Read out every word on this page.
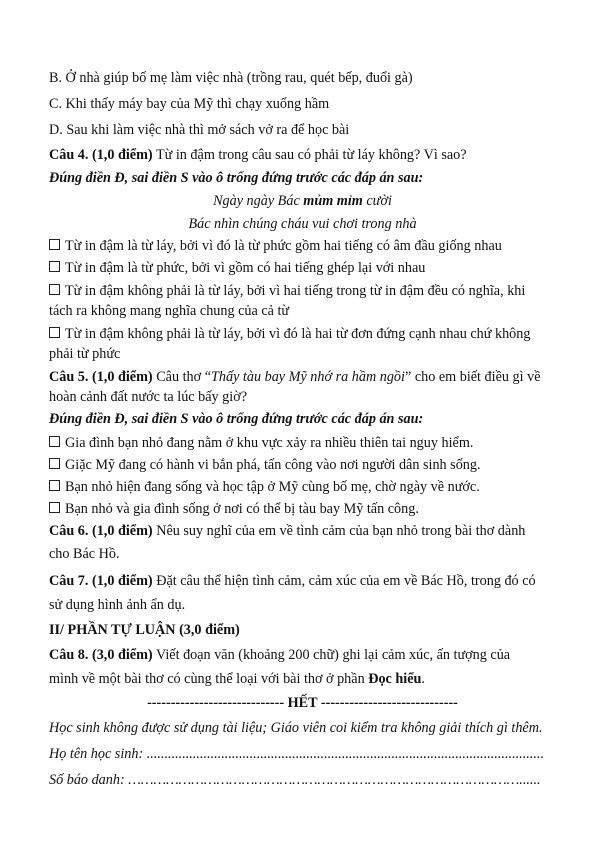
B. Ở nhà giúp bố mẹ làm việc nhà (trồng rau, quét bếp, đuổi gà)
C. Khi thấy máy bay của Mỹ thì chạy xuống hầm
D. Sau khi làm việc nhà thì mở sách vở ra để học bài
Câu 4. (1,0 điểm) Từ in đậm trong câu sau có phải từ láy không? Vì sao?
Đúng điền Đ, sai điền S vào ô trống đứng trước các đáp án sau:
Ngày ngày Bác mủm mỉm cười
Bác nhìn chúng cháu vui chơi trong nhà
Từ in đậm là từ láy, bởi vì đó là từ phức gồm hai tiếng có âm đầu giống nhau
Từ in đậm là từ phức, bởi vì gồm có hai tiếng ghép lại với nhau
Từ in đậm không phải là từ láy, bởi vì hai tiếng trong từ in đậm đều có nghĩa, khi
tách ra không mang nghĩa chung của cả từ
Từ in đậm không phải là từ láy, bởi vì đó là hai từ đơn đứng cạnh nhau chứ không
phải từ phức
Câu 5. (1,0 điểm) Câu thơ “Thấy tàu bay Mỹ nhớ ra hầm ngồi” cho em biết điều gì về
hoàn cảnh đất nước ta lúc bấy giờ?
Đúng điền Đ, sai điền S vào ô trống đứng trước các đáp án sau:
Gia đình bạn nhỏ đang nằm ở khu vực xảy ra nhiều thiên tai nguy hiểm.
Giặc Mỹ đang có hành vi bắn phá, tấn công vào nơi người dân sinh sống.
Bạn nhỏ hiện đang sống và học tập ở Mỹ cùng bố mẹ, chờ ngày về nước.
Bạn nhỏ và gia đình sống ở nơi có thể bị tàu bay Mỹ tấn công.
Câu 6. (1,0 điểm) Nêu suy nghĩ của em về tình cảm của bạn nhỏ trong bài thơ dành
cho Bác Hồ.
Câu 7. (1,0 điểm) Đặt câu thể hiện tình cảm, cảm xúc của em về Bác Hồ, trong đó có
sử dụng hình ảnh ẩn dụ.
II/ PHẦN TỰ LUẬN (3,0 điểm)
Câu 8. (3,0 điểm) Viết đoạn văn (khoảng 200 chữ) ghi lại cảm xúc, ấn tượng của
mình về một bài thơ có cùng thể loại với bài thơ ở phần Đọc hiểu.
----------------------------- HẾT -----------------------------
Học sinh không được sử dụng tài liệu; Giáo viên coi kiểm tra không giải thích gì thêm.
Họ tên học sinh: ................................................................................................................
Số báo danh: …………………………………………………………………………………......
